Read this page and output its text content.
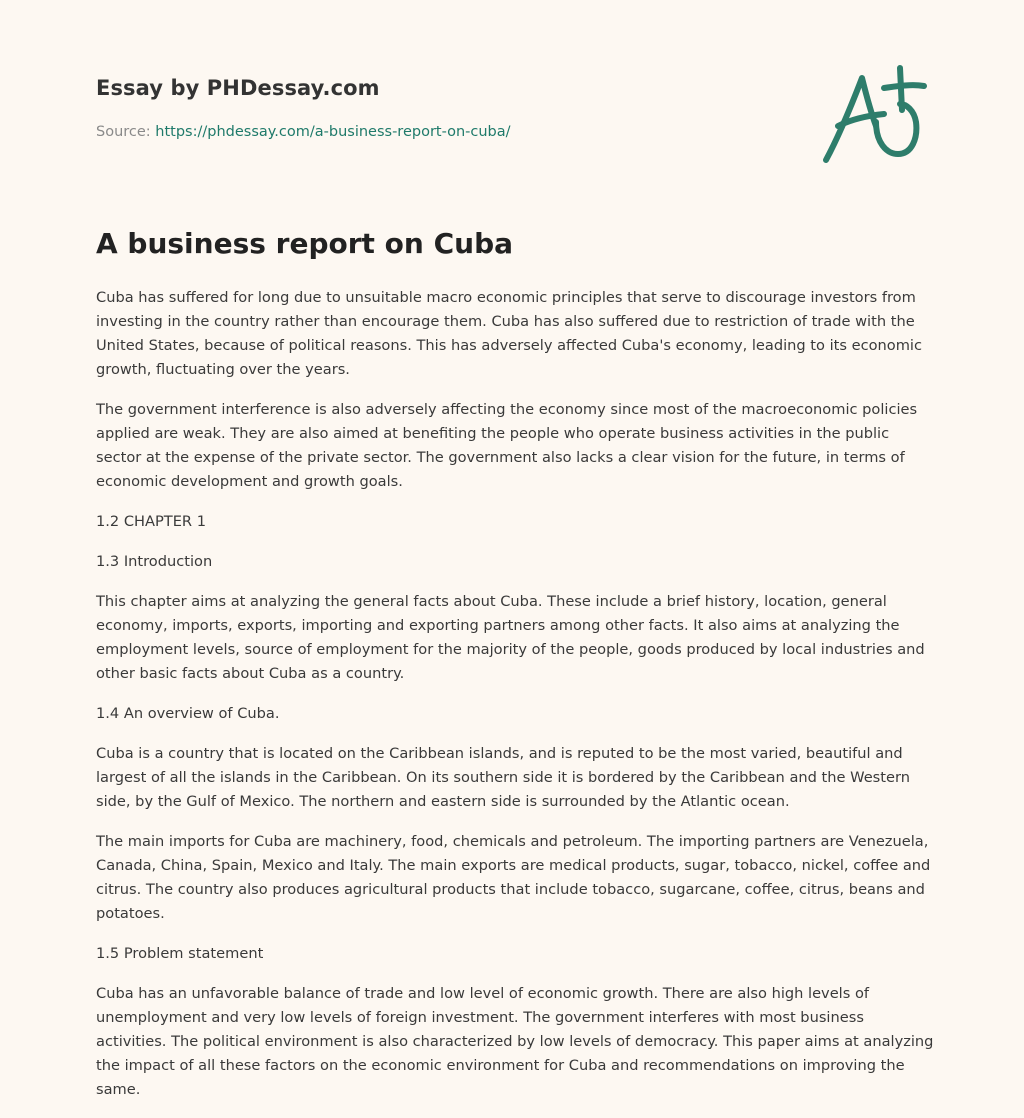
Essay by PHDessay.com

Source: https://phdessay.com/a-business-report-on-cuba/

A business report on Cuba

Cuba has suffered for long due to unsuitable macro economic principles that serve to discourage investors from investing in the country rather than encourage them. Cuba has also suffered due to restriction of trade with the United States, because of political reasons. This has adversely affected Cuba's economy, leading to its economic growth, fluctuating over the years.

The government interference is also adversely affecting the economy since most of the macroeconomic policies applied are weak. They are also aimed at benefiting the people who operate business activities in the public sector at the expense of the private sector. The government also lacks a clear vision for the future, in terms of economic development and growth goals.

1.2 CHAPTER 1

1.3 Introduction

This chapter aims at analyzing the general facts about Cuba. These include a brief history, location, general economy, imports, exports, importing and exporting partners among other facts. It also aims at analyzing the employment levels, source of employment for the majority of the people, goods produced by local industries and other basic facts about Cuba as a country.

1.4 An overview of Cuba.

Cuba is a country that is located on the Caribbean islands, and is reputed to be the most varied, beautiful and largest of all the islands in the Caribbean. On its southern side it is bordered by the Caribbean and the Western side, by the Gulf of Mexico. The northern and eastern side is surrounded by the Atlantic ocean.

The main imports for Cuba are machinery, food, chemicals and petroleum. The importing partners are Venezuela, Canada, China, Spain, Mexico and Italy. The main exports are medical products, sugar, tobacco, nickel, coffee and citrus. The country also produces agricultural products that include tobacco, sugarcane, coffee, citrus, beans and potatoes.

1.5 Problem statement

Cuba has an unfavorable balance of trade and low level of economic growth. There are also high levels of unemployment and very low levels of foreign investment. The government interferes with most business activities. The political environment is also characterized by low levels of democracy. This paper aims at analyzing the impact of all these factors on the economic environment for Cuba and recommendations on improving the same.
